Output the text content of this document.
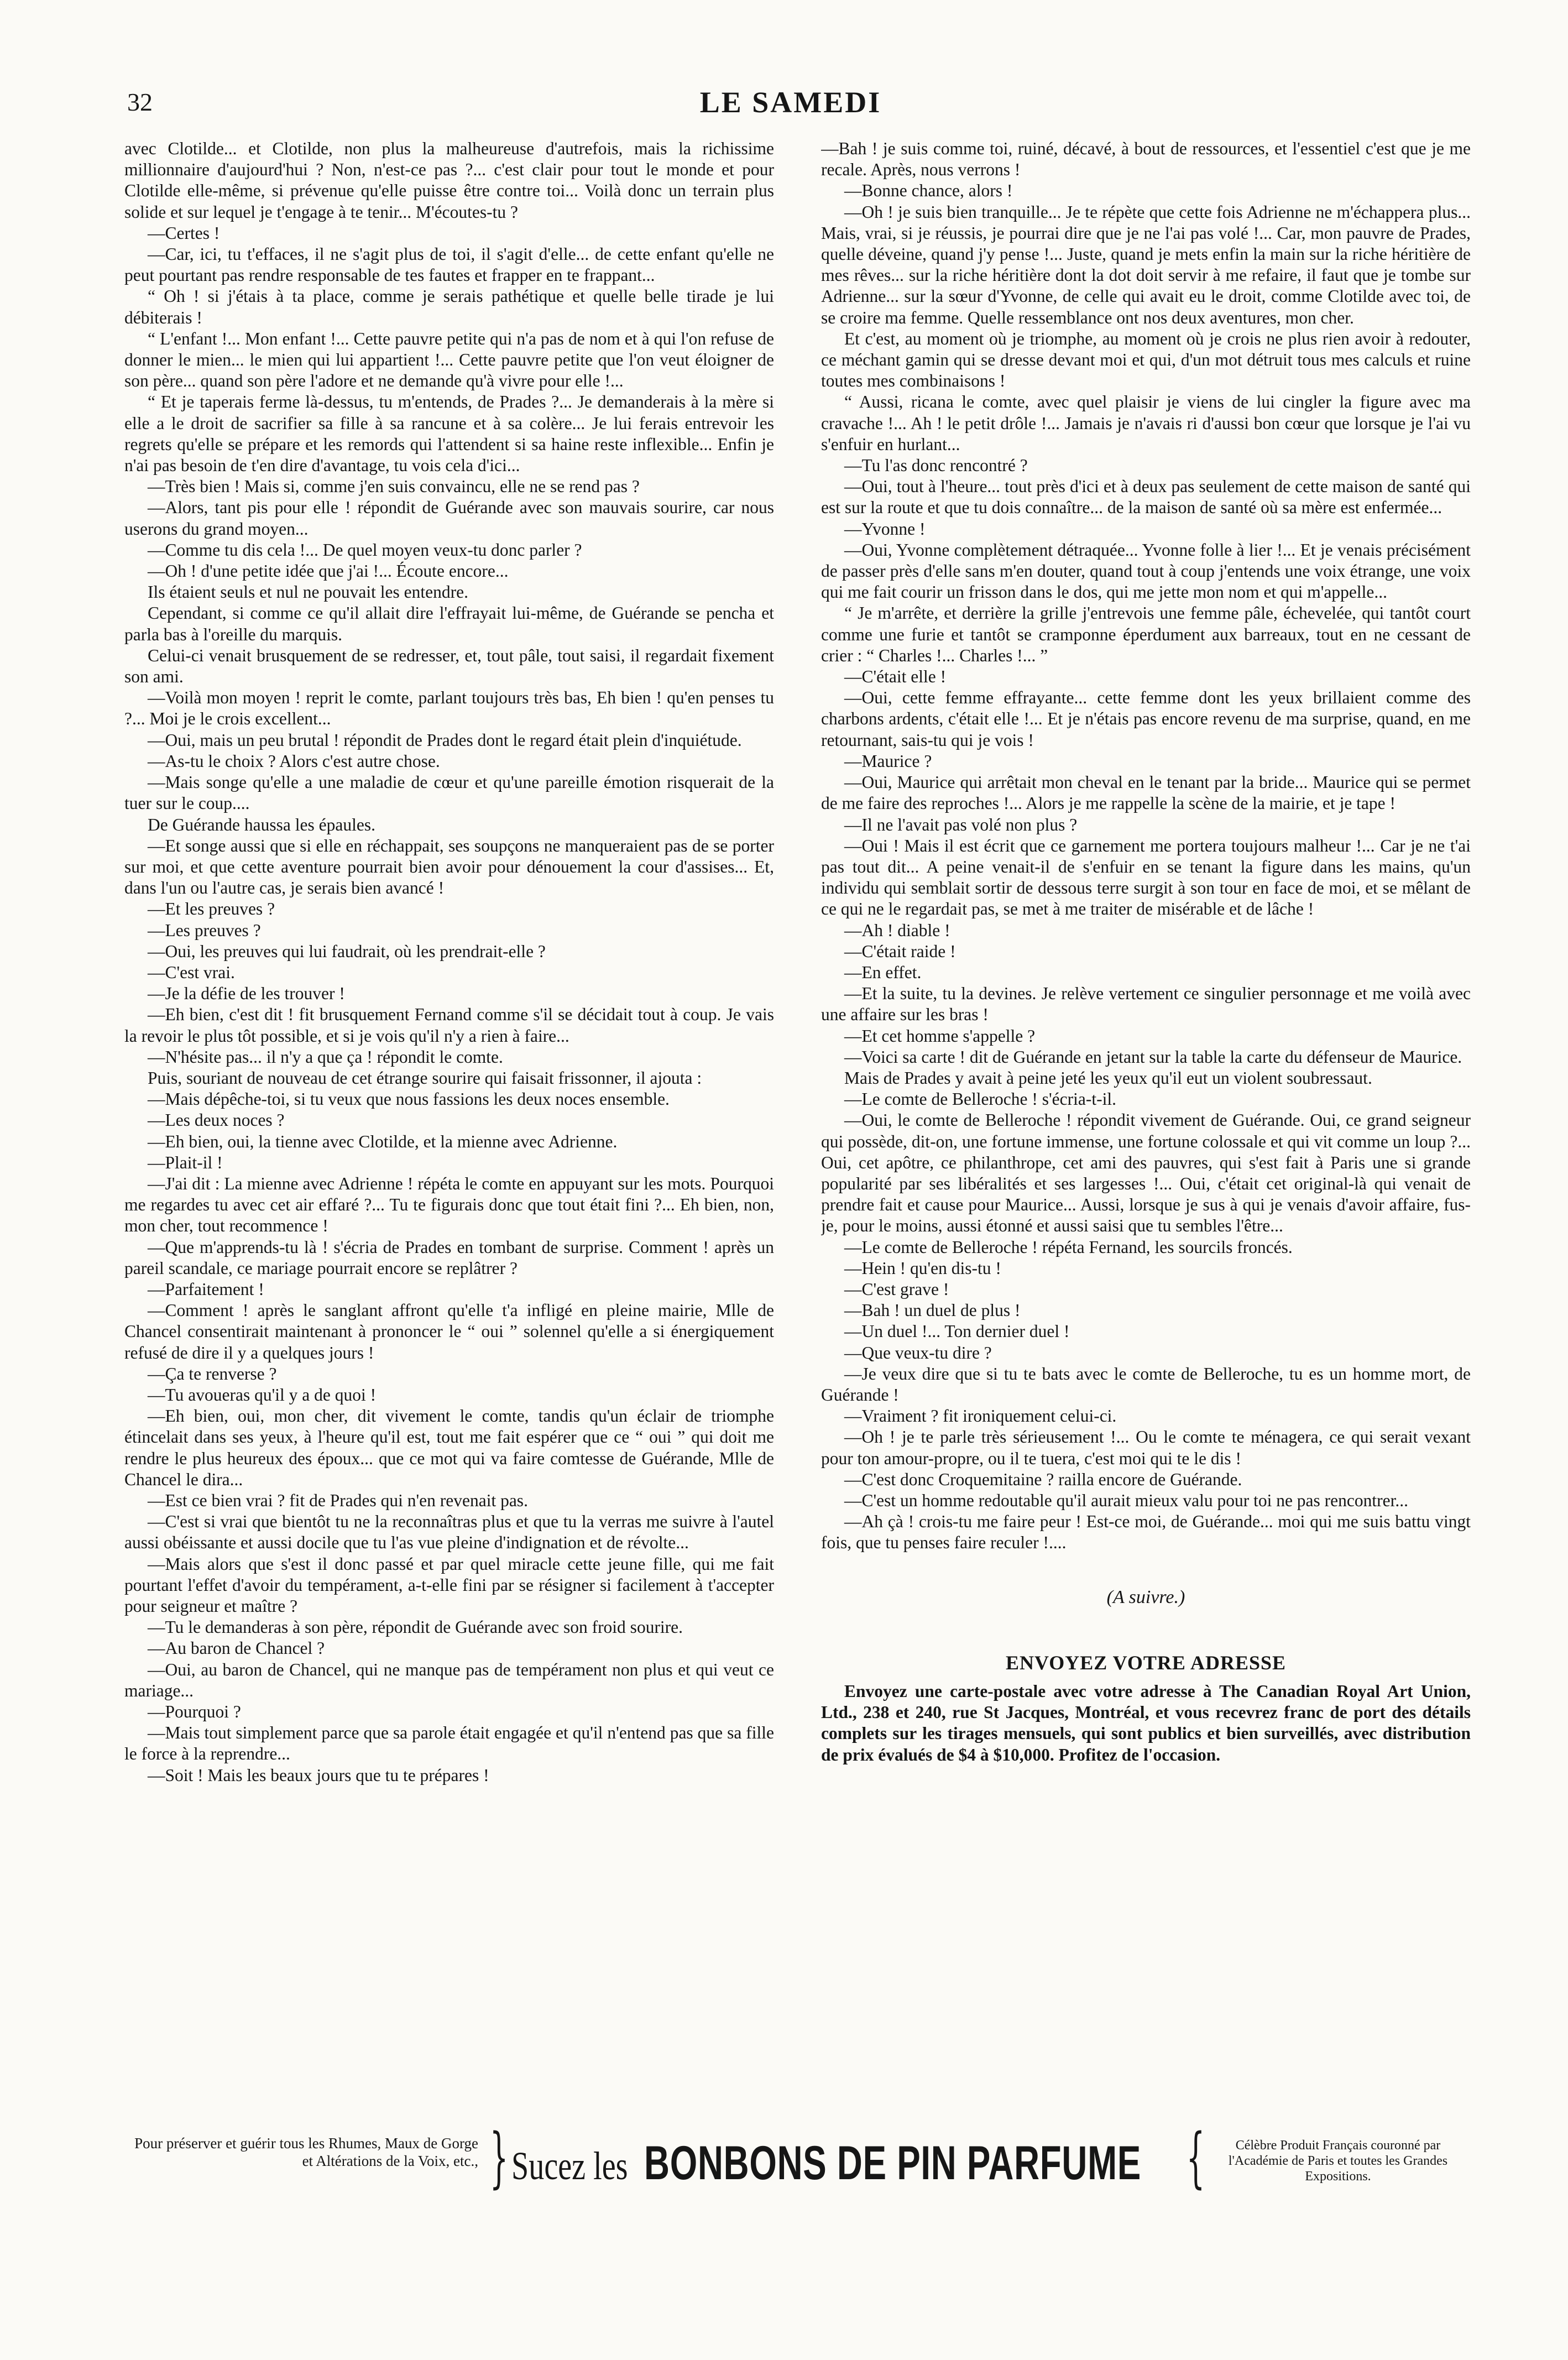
32	LE SAMEDI

avec Clotilde... et Clotilde, non plus la malheureuse d'autrefois, mais la richissime millionnaire d'aujourd'hui ? Non, n'est-ce pas ?... c'est clair pour tout le monde et pour Clotilde elle-même, si prévenue qu'elle puisse être contre toi... Voilà donc un terrain plus solide et sur lequel je t'engage à te tenir... M'écoutes-tu ?

—Certes !

—Car, ici, tu t'effaces, il ne s'agit plus de toi, il s'agit d'elle... de cette enfant qu'elle ne peut pourtant pas rendre responsable de tes fautes et frapper en te frappant...

“ Oh ! si j'étais à ta place, comme je serais pathétique et quelle belle tirade je lui débiterais !

“ L'enfant !... Mon enfant !... Cette pauvre petite qui n'a pas de nom et à qui l'on refuse de donner le mien... le mien qui lui appartient !... Cette pauvre petite que l'on veut éloigner de son père... quand son père l'adore et ne demande qu'à vivre pour elle !...

“ Et je taperais ferme là-dessus, tu m'entends, de Prades ?... Je demanderais à la mère si elle a le droit de sacrifier sa fille à sa rancune et à sa colère... Je lui ferais entrevoir les regrets qu'elle se prépare et les remords qui l'attendent si sa haine reste inflexible... Enfin je n'ai pas besoin de t'en dire d'avantage, tu vois cela d'ici...

—Très bien ! Mais si, comme j'en suis convaincu, elle ne se rend pas ?

—Alors, tant pis pour elle ! répondit de Guérande avec son mauvais sourire, car nous userons du grand moyen...

—Comme tu dis cela !... De quel moyen veux-tu donc parler ?

—Oh ! d'une petite idée que j'ai !... Écoute encore...

Ils étaient seuls et nul ne pouvait les entendre.

Cependant, si comme ce qu'il allait dire l'effrayait lui-même, de Guérande se pencha et parla bas à l'oreille du marquis.

Celui-ci venait brusquement de se redresser, et, tout pâle, tout saisi, il regardait fixement son ami.

—Voilà mon moyen ! reprit le comte, parlant toujours très bas, Eh bien ! qu'en penses tu ?... Moi je le crois excellent...

—Oui, mais un peu brutal ! répondit de Prades dont le regard était plein d'inquiétude.

—As-tu le choix ? Alors c'est autre chose.

—Mais songe qu'elle a une maladie de cœur et qu'une pareille émotion risquerait de la tuer sur le coup....

De Guérande haussa les épaules.

—Et songe aussi que si elle en réchappait, ses soupçons ne manqueraient pas de se porter sur moi, et que cette aventure pourrait bien avoir pour dénouement la cour d'assises... Et, dans l'un ou l'autre cas, je serais bien avancé !

—Et les preuves ?

—Les preuves ?

—Oui, les preuves qui lui faudrait, où les prendrait-elle ?

—C'est vrai.

—Je la défie de les trouver !

—Eh bien, c'est dit ! fit brusquement Fernand comme s'il se décidait tout à coup. Je vais la revoir le plus tôt possible, et si je vois qu'il n'y a rien à faire...

—N'hésite pas... il n'y a que ça ! répondit le comte.

Puis, souriant de nouveau de cet étrange sourire qui faisait frissonner, il ajouta :

—Mais dépêche-toi, si tu veux que nous fassions les deux noces ensemble.

—Les deux noces ?

—Eh bien, oui, la tienne avec Clotilde, et la mienne avec Adrienne.

—Plait-il !

—J'ai dit : La mienne avec Adrienne ! répéta le comte en appuyant sur les mots. Pourquoi me regardes tu avec cet air effaré ?... Tu te figurais donc que tout était fini ?... Eh bien, non, mon cher, tout recommence !

—Que m'apprends-tu là ! s'écria de Prades en tombant de surprise. Comment ! après un pareil scandale, ce mariage pourrait encore se replâtrer ?

—Parfaitement !

—Comment ! après le sanglant affront qu'elle t'a infligé en pleine mairie, Mlle de Chancel consentirait maintenant à prononcer le “ oui ” solennel qu'elle a si énergiquement refusé de dire il y a quelques jours !

—Ça te renverse ?

—Tu avoueras qu'il y a de quoi !

—Eh bien, oui, mon cher, dit vivement le comte, tandis qu'un éclair de triomphe étincelait dans ses yeux, à l'heure qu'il est, tout me fait espérer que ce “ oui ” qui doit me rendre le plus heureux des époux... que ce mot qui va faire comtesse de Guérande, Mlle de Chancel le dira...

—Est ce bien vrai ? fit de Prades qui n'en revenait pas.

—C'est si vrai que bientôt tu ne la reconnaîtras plus et que tu la verras me suivre à l'autel aussi obéissante et aussi docile que tu l'as vue pleine d'indignation et de révolte...

—Mais alors que s'est il donc passé et par quel miracle cette jeune fille, qui me fait pourtant l'effet d'avoir du tempérament, a-t-elle fini par se résigner si facilement à t'accepter pour seigneur et maître ?

—Tu le demanderas à son père, répondit de Guérande avec son froid sourire.

—Au baron de Chancel ?

—Oui, au baron de Chancel, qui ne manque pas de tempérament non plus et qui veut ce mariage...

—Pourquoi ?

—Mais tout simplement parce que sa parole était engagée et qu'il n'entend pas que sa fille le force à la reprendre...

—Soit ! Mais les beaux jours que tu te prépares !

—Bah ! je suis comme toi, ruiné, décavé, à bout de ressources, et l'essentiel c'est que je me recale. Après, nous verrons !

—Bonne chance, alors !

—Oh ! je suis bien tranquille... Je te répète que cette fois Adrienne ne m'échappera plus... Mais, vrai, si je réussis, je pourrai dire que je ne l'ai pas volé !... Car, mon pauvre de Prades, quelle déveine, quand j'y pense !... Juste, quand je mets enfin la main sur la riche héritière de mes rêves... sur la riche héritière dont la dot doit servir à me refaire, il faut que je tombe sur Adrienne... sur la sœur d'Yvonne, de celle qui avait eu le droit, comme Clotilde avec toi, de se croire ma femme. Quelle ressemblance ont nos deux aventures, mon cher.

Et c'est, au moment où je triomphe, au moment où je crois ne plus rien avoir à redouter, ce méchant gamin qui se dresse devant moi et qui, d'un mot détruit tous mes calculs et ruine toutes mes combinaisons !

“ Aussi, ricana le comte, avec quel plaisir je viens de lui cingler la figure avec ma cravache !... Ah ! le petit drôle !... Jamais je n'avais ri d'aussi bon cœur que lorsque je l'ai vu s'enfuir en hurlant...

—Tu l'as donc rencontré ?

—Oui, tout à l'heure... tout près d'ici et à deux pas seulement de cette maison de santé qui est sur la route et que tu dois connaître... de la maison de santé où sa mère est enfermée...

—Yvonne !

—Oui, Yvonne complètement détraquée... Yvonne folle à lier !... Et je venais précisément de passer près d'elle sans m'en douter, quand tout à coup j'entends une voix étrange, une voix qui me fait courir un frisson dans le dos, qui me jette mon nom et qui m'appelle...

“ Je m'arrête, et derrière la grille j'entrevois une femme pâle, échevelée, qui tantôt court comme une furie et tantôt se cramponne éperdument aux barreaux, tout en ne cessant de crier : “ Charles !... Charles !... ”

—C'était elle !

—Oui, cette femme effrayante... cette femme dont les yeux brillaient comme des charbons ardents, c'était elle !... Et je n'étais pas encore revenu de ma surprise, quand, en me retournant, sais-tu qui je vois !

—Maurice ?

—Oui, Maurice qui arrêtait mon cheval en le tenant par la bride... Maurice qui se permet de me faire des reproches !... Alors je me rappelle la scène de la mairie, et je tape !

—Il ne l'avait pas volé non plus ?

—Oui ! Mais il est écrit que ce garnement me portera toujours malheur !... Car je ne t'ai pas tout dit... A peine venait-il de s'enfuir en se tenant la figure dans les mains, qu'un individu qui semblait sortir de dessous terre surgit à son tour en face de moi, et se mêlant de ce qui ne le regardait pas, se met à me traiter de misérable et de lâche !

—Ah ! diable !

—C'était raide !

—En effet.

—Et la suite, tu la devines. Je relève vertement ce singulier personnage et me voilà avec une affaire sur les bras !

—Et cet homme s'appelle ?

—Voici sa carte ! dit de Guérande en jetant sur la table la carte du défenseur de Maurice.

Mais de Prades y avait à peine jeté les yeux qu'il eut un violent soubressaut.

—Le comte de Belleroche ! s'écria-t-il.

—Oui, le comte de Belleroche ! répondit vivement de Guérande. Oui, ce grand seigneur qui possède, dit-on, une fortune immense, une fortune colossale et qui vit comme un loup ?... Oui, cet apôtre, ce philanthrope, cet ami des pauvres, qui s'est fait à Paris une si grande popularité par ses libéralités et ses largesses !... Oui, c'était cet original-là qui venait de prendre fait et cause pour Maurice... Aussi, lorsque je sus à qui je venais d'avoir affaire, fus-je, pour le moins, aussi étonné et aussi saisi que tu sembles l'être...

—Le comte de Belleroche ! répéta Fernand, les sourcils froncés.

—Hein ! qu'en dis-tu !

—C'est grave !

—Bah ! un duel de plus !

—Un duel !... Ton dernier duel !

—Que veux-tu dire ?

—Je veux dire que si tu te bats avec le comte de Belleroche, tu es un homme mort, de Guérande !

—Vraiment ? fit ironiquement celui-ci.

—Oh ! je te parle très sérieusement !... Ou le comte te ménagera, ce qui serait vexant pour ton amour-propre, ou il te tuera, c'est moi qui te le dis !

—C'est donc Croquemitaine ? railla encore de Guérande.

—C'est un homme redoutable qu'il aurait mieux valu pour toi ne pas rencontrer...

—Ah çà ! crois-tu me faire peur ! Est-ce moi, de Guérande... moi qui me suis battu vingt fois, que tu penses faire reculer !....

(A suivre.)
ENVOYEZ VOTRE ADRESSE

Envoyez une carte-postale avec votre adresse à The Canadian Royal Art Union, Ltd., 238 et 240, rue St Jacques, Montréal, et vous recevrez franc de port des détails complets sur les tirages mensuels, qui sont publics et bien surveillés, avec distribution de prix évalués de $4 à $10,000. Profitez de l'occasion.

Pour préserver et guérir tous les Rhumes, Maux de Gorge et Altérations de la Voix, etc., } Sucez les BONBONS DE PIN PARFUME {	Célèbre Produit Français couronné par l'Académie de Paris et toutes les Grandes Expositions.
